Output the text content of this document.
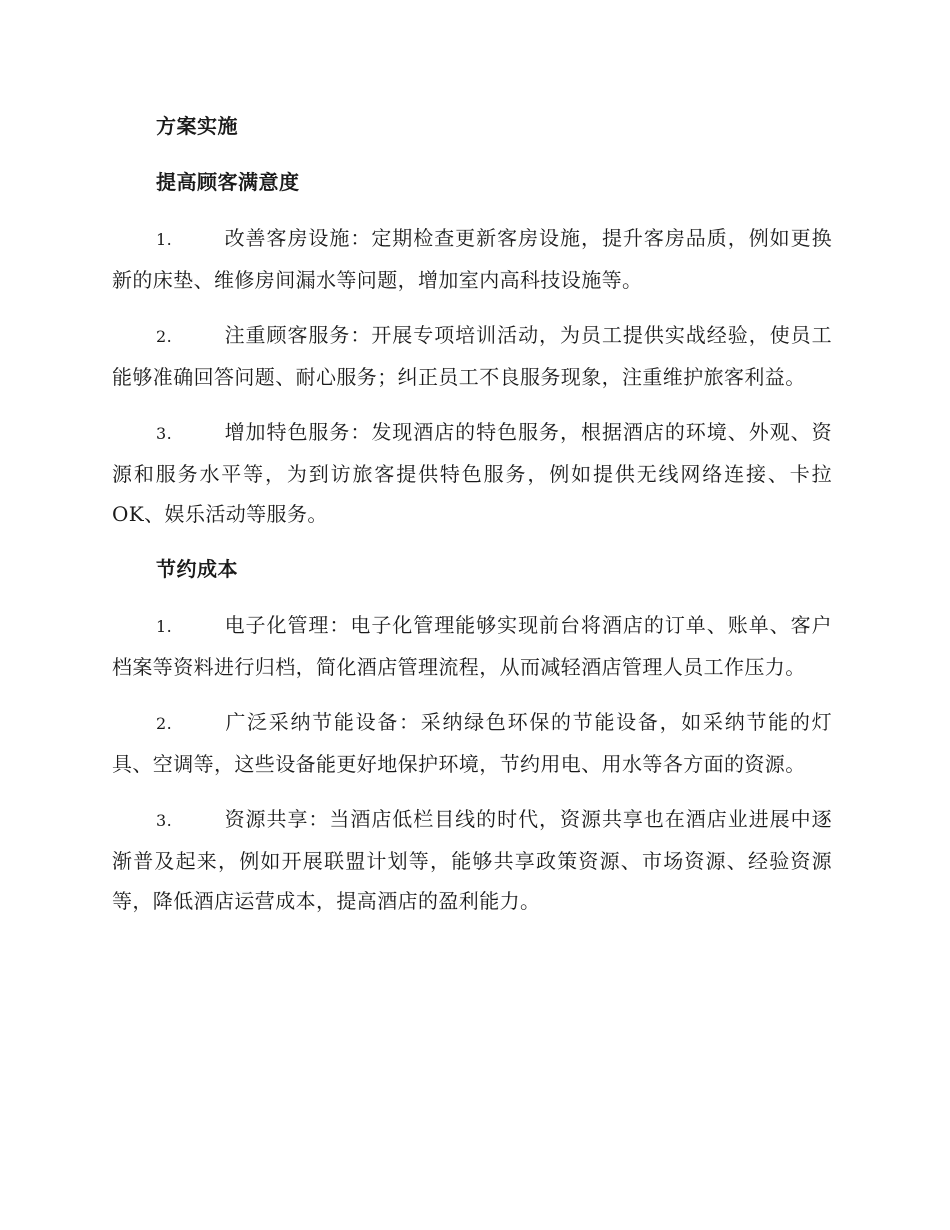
方案实施
提高顾客满意度

1.	改善客房设施：定期检查更新客房设施，提升客房品质，例如更换新的床垫、维修房间漏水等问题，增加室内高科技设施等。

2.	注重顾客服务：开展专项培训活动，为员工提供实战经验，使员工能够准确回答问题、耐心服务；纠正员工不良服务现象，注重维护旅客利益。

3.	增加特色服务：发现酒店的特色服务，根据酒店的环境、外观、资源和服务水平等，为到访旅客提供特色服务，例如提供无线网络连接、卡拉OK、娱乐活动等服务。

节约成本

1.	电子化管理：电子化管理能够实现前台将酒店的订单、账单、客户档案等资料进行归档，简化酒店管理流程，从而减轻酒店管理人员工作压力。

2.	广泛采纳节能设备：采纳绿色环保的节能设备，如采纳节能的灯具、空调等，这些设备能更好地保护环境，节约用电、用水等各方面的资源。

3.	资源共享：当酒店低栏目线的时代，资源共享也在酒店业进展中逐渐普及起来，例如开展联盟计划等，能够共享政策资源、市场资源、经验资源等，降低酒店运营成本，提高酒店的盈利能力。
